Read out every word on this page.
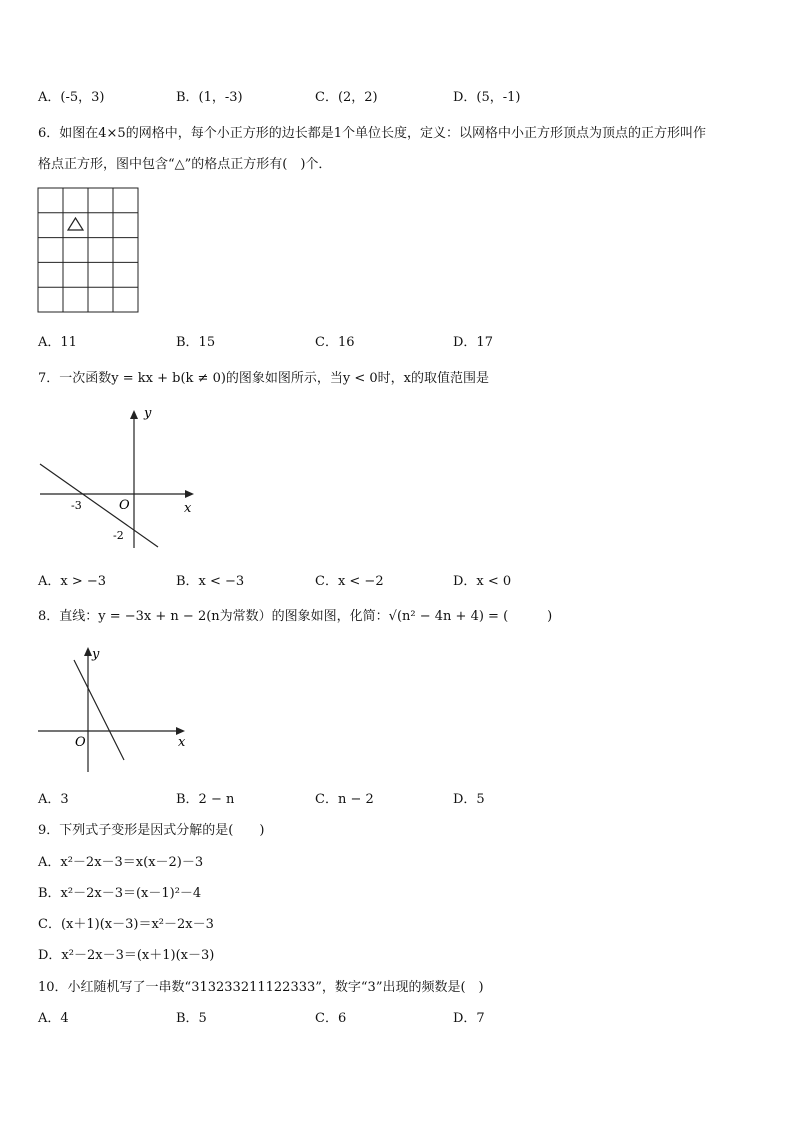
A．(-5，3)	B．(1，-3)	C．(2，2)	D．(5，-1)
6．如图在4×5的网格中，每个小正方形的边长都是1个单位长度，定义：以网格中小正方形顶点为顶点的正方形叫作
格点正方形，图中包含“△”的格点正方形有(　)个．
A．11	B．15	C．16	D．17
7．一次函数y = kx + b(k ≠ 0)的图象如图所示，当y < 0时，x的取值范围是
y
x
O
-3
-2
A．x > −3	B．x < −3	C．x < −2	D．x < 0
8．直线：y = −3x + n − 2(n为常数）的图象如图，化简：√(n² − 4n + 4) = (　　　)
y
x
O
A．3	B．2 − n	C．n − 2	D．5
9．下列式子变形是因式分解的是(　　)
A．x²－2x－3＝x(x－2)－3
B．x²－2x－3＝(x－1)²－4
C．(x＋1)(x－3)＝x²－2x－3
D．x²－2x－3＝(x＋1)(x－3)
10．小红随机写了一串数“313233211122333”，数字“3”出现的频数是(　)
A．4	B．5	C．6	D．7
